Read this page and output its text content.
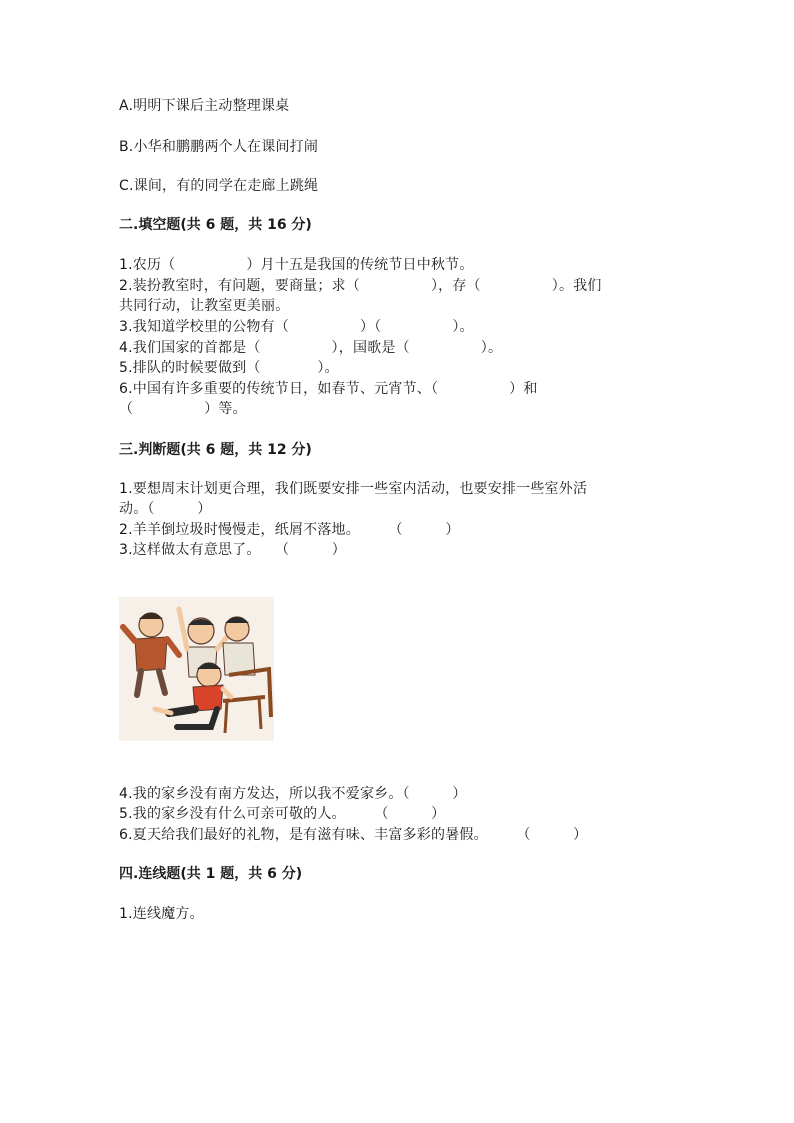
A.明明下课后主动整理课桌
B.小华和鹏鹏两个人在课间打闹
C.课间，有的同学在走廊上跳绳
二.填空题(共 6 题，共 16 分)
1.农历（　　　　　）月十五是我国的传统节日中秋节。
2.装扮教室时，有问题，要商量；求（　　　　　），存（　　　　　）。我们
共同行动，让教室更美丽。
3.我知道学校里的公物有（　　　　　）（　　　　　）。
4.我们国家的首都是（　　　　　），国歌是（　　　　　）。
5.排队的时候要做到（　　　　）。
6.中国有许多重要的传统节日，如春节、元宵节、（　　　　　）和
（　　　　　）等。
三.判断题(共 6 题，共 12 分)
1.要想周末计划更合理，我们既要安排一些室内活动，也要安排一些室外活
动。（　　　）
2.羊羊倒垃圾时慢慢走，纸屑不落地。　　　（　　　）
3.这样做太有意思了。　　（　　　）
4.我的家乡没有南方发达，所以我不爱家乡。（　　　）
5.我的家乡没有什么可亲可敬的人。　　　（　　　）
6.夏天给我们最好的礼物，是有滋有味、丰富多彩的暑假。　　　（　　　）
四.连线题(共 1 题，共 6 分)
1.连线魔方。
